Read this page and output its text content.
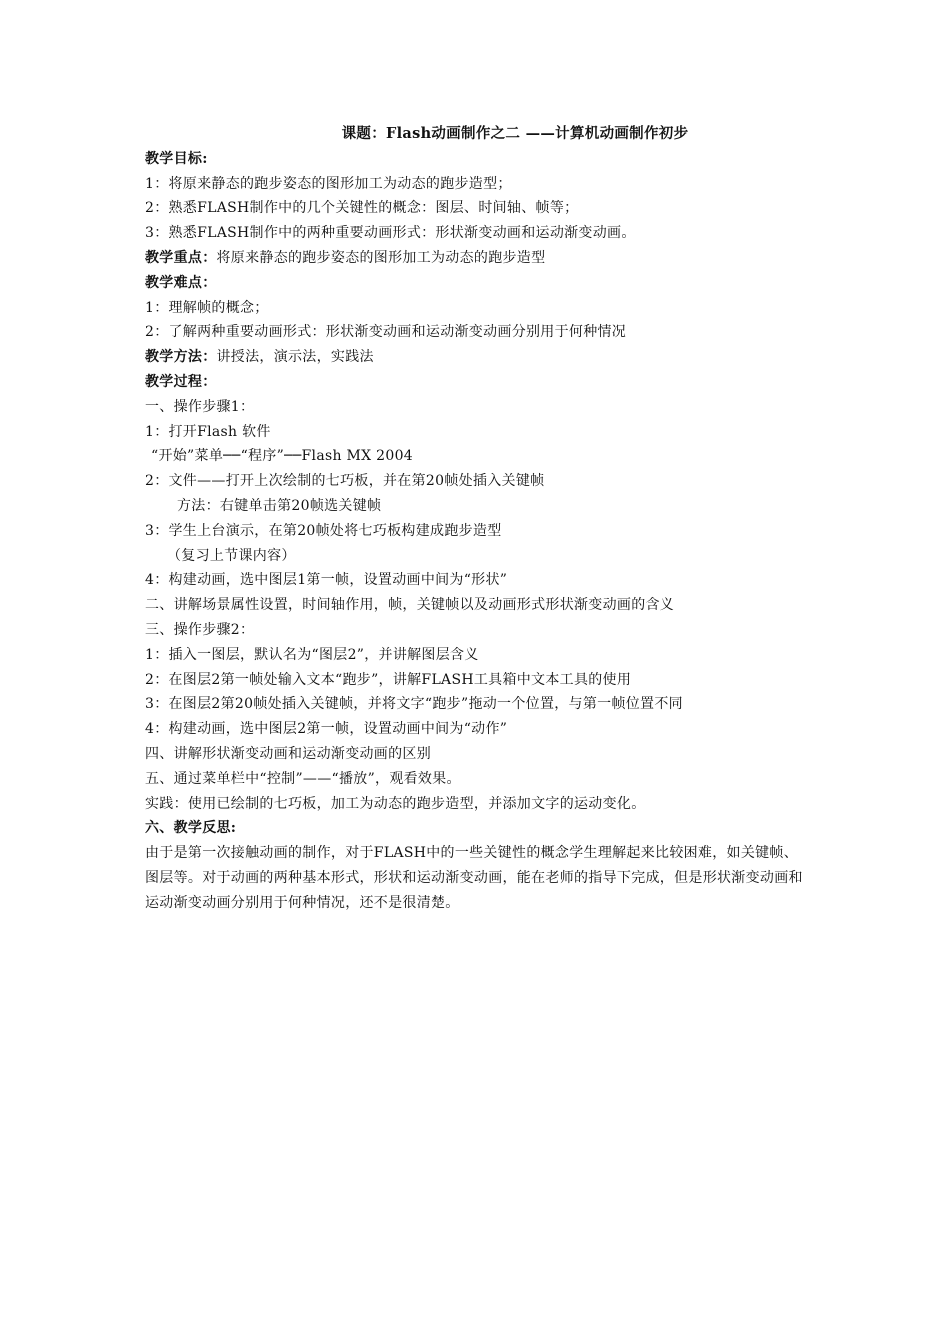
课题：Flash动画制作之二 ——计算机动画制作初步
教学目标:
1：将原来静态的跑步姿态的图形加工为动态的跑步造型；
2：熟悉FLASH制作中的几个关键性的概念：图层、时间轴、帧等；
3：熟悉FLASH制作中的两种重要动画形式：形状渐变动画和运动渐变动画。
教学重点：将原来静态的跑步姿态的图形加工为动态的跑步造型
教学难点：
1：理解帧的概念；
2：了解两种重要动画形式：形状渐变动画和运动渐变动画分别用于何种情况
教学方法：讲授法，演示法，实践法
教学过程：
一、操作步骤1：
1：打开Flash 软件
“开始”菜单──“程序”──Flash MX 2004
2：文件——打开上次绘制的七巧板，并在第20帧处插入关键帧
方法：右键单击第20帧选关键帧
3：学生上台演示，在第20帧处将七巧板构建成跑步造型
（复习上节课内容）
4：构建动画，选中图层1第一帧，设置动画中间为“形状”
二、讲解场景属性设置，时间轴作用，帧，关键帧以及动画形式形状渐变动画的含义
三、操作步骤2：
1：插入一图层，默认名为“图层2”，并讲解图层含义
2：在图层2第一帧处输入文本“跑步”，讲解FLASH工具箱中文本工具的使用
3：在图层2第20帧处插入关键帧，并将文字“跑步”拖动一个位置，与第一帧位置不同
4：构建动画，选中图层2第一帧，设置动画中间为“动作”
四、讲解形状渐变动画和运动渐变动画的区别
五、通过菜单栏中“控制”——“播放”，观看效果。
实践：使用已绘制的七巧板，加工为动态的跑步造型，并添加文字的运动变化。
六、教学反思:
由于是第一次接触动画的制作，对于FLASH中的一些关键性的概念学生理解起来比较困难，如关键帧、图层等。对于动画的两种基本形式，形状和运动渐变动画，能在老师的指导下完成，但是形状渐变动画和运动渐变动画分别用于何种情况，还不是很清楚。
